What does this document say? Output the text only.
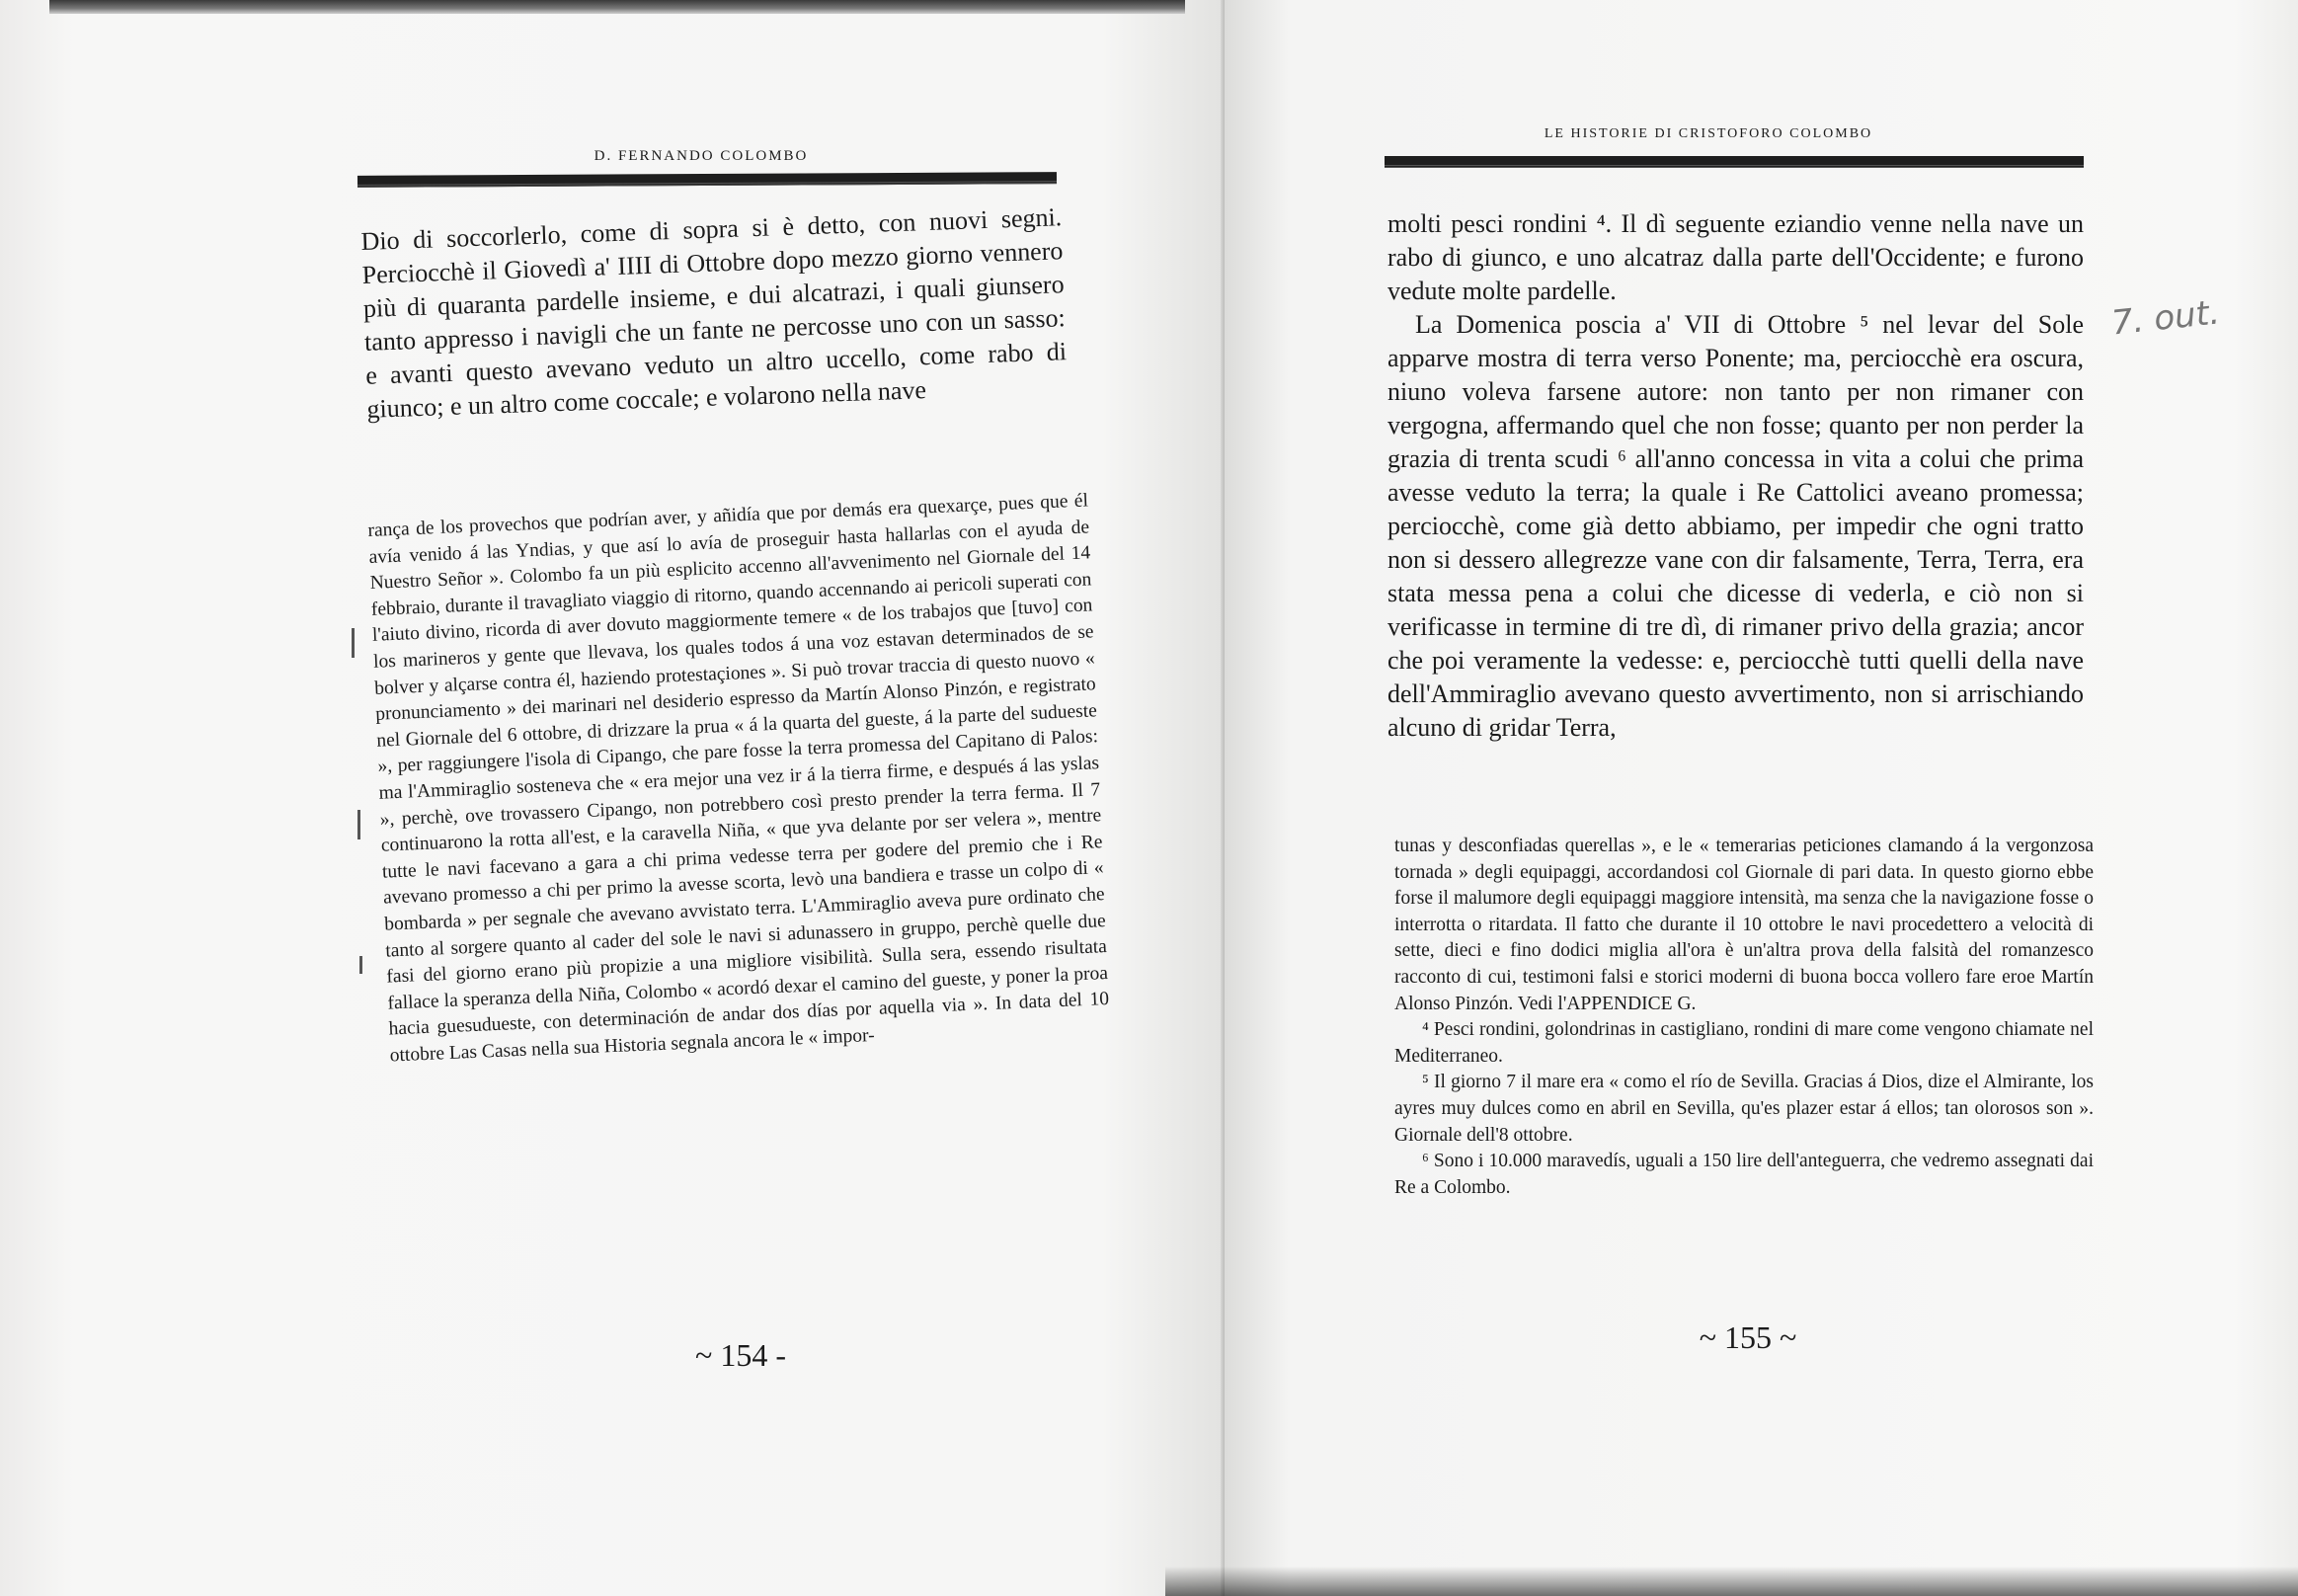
D. FERNANDO COLOMBO

Dio di soccorlerlo, come di sopra si è detto, con nuovi segni. Perciocchè il Giovedì a' IIII di Ottobre dopo mezzo giorno vennero più di quaranta pardelle insieme, e dui alcatrazi, i quali giunsero tanto appresso i navigli che un fante ne percosse uno con un sasso: e avanti questo avevano veduto un altro uccello, come rabo di giunco; e un altro come coccale; e volarono nella nave

rança de los provechos que podrían aver, y añidía que por demás era quexarçe, pues que él avía venido á las Yndias, y que así lo avía de proseguir hasta hallarlas con el ayuda de Nuestro Señor ». Colombo fa un più esplicito accenno all'avvenimento nel Giornale del 14 febbraio, durante il travagliato viaggio di ritorno, quando accennando ai pericoli superati con l'aiuto divino, ricorda di aver dovuto maggiormente temere « de los trabajos que [tuvo] con los marineros y gente que llevava, los quales todos á una voz estavan determinados de se bolver y alçarse contra él, haziendo protestaçiones ». Si può trovar traccia di questo nuovo « pronunciamento » dei marinari nel desiderio espresso da Martín Alonso Pinzón, e registrato nel Giornale del 6 ottobre, di drizzare la prua « á la quarta del gueste, á la parte del sudueste », per raggiungere l'isola di Cipango, che pare fosse la terra promessa del Capitano di Palos: ma l'Ammiraglio sosteneva che « era mejor una vez ir á la tierra firme, e después á las yslas », perchè, ove trovassero Cipango, non potrebbero così presto prender la terra ferma. Il 7 continuarono la rotta all'est, e la caravella Niña, « que yva delante por ser velera », mentre tutte le navi facevano a gara a chi prima vedesse terra per godere del premio che i Re avevano promesso a chi per primo la avesse scorta, levò una bandiera e trasse un colpo di « bombarda » per segnale che avevano avvistato terra. L'Ammiraglio aveva pure ordinato che tanto al sorgere quanto al cader del sole le navi si adunassero in gruppo, perchè quelle due fasi del giorno erano più propizie a una migliore visibilità. Sulla sera, essendo risultata fallace la speranza della Niña, Colombo « acordó dexar el camino del gueste, y poner la proa hacia guesudueste, con determinación de andar dos días por aquella via ». In data del 10 ottobre Las Casas nella sua Historia segnala ancora le « impor-

~ 154 -
LE HISTORIE DI CRISTOFORO COLOMBO

molti pesci rondini ⁴. Il dì seguente eziandio venne nella nave un rabo di giunco, e uno alcatraz dalla parte dell'Occidente; e furono vedute molte pardelle.

La Domenica poscia a' VII di Ottobre ⁵ nel levar del Sole apparve mostra di terra verso Ponente; ma, perciocchè era oscura, niuno voleva farsene autore: non tanto per non rimaner con vergogna, affermando quel che non fosse; quanto per non perder la grazia di trenta scudi ⁶ all'anno concessa in vita a colui che prima avesse veduto la terra; la quale i Re Cattolici aveano promessa; perciocchè, come già detto abbiamo, per impedir che ogni tratto non si dessero allegrezze vane con dir falsamente, Terra, Terra, era stata messa pena a colui che dicesse di vederla, e ciò non si verificasse in termine di tre dì, di rimaner privo della grazia; ancor che poi veramente la vedesse: e, perciocchè tutti quelli della nave dell'Ammiraglio avevano questo avvertimento, non si arrischiando alcuno di gridar Terra,

7. out.

tunas y desconfiadas querellas », e le « temerarias peticiones clamando á la vergonzosa tornada » degli equipaggi, accordandosi col Giornale di pari data. In questo giorno ebbe forse il malumore degli equipaggi maggiore intensità, ma senza che la navigazione fosse o interrotta o ritardata. Il fatto che durante il 10 ottobre le navi procedettero a velocità di sette, dieci e fino dodici miglia all'ora è un'altra prova della falsità del romanzesco racconto di cui, testimoni falsi e storici moderni di buona bocca vollero fare eroe Martín Alonso Pinzón. Vedi l'APPENDICE G.

⁴ Pesci rondini, golondrinas in castigliano, rondini di mare come vengono chiamate nel Mediterraneo.

⁵ Il giorno 7 il mare era « como el río de Sevilla. Gracias á Dios, dize el Almirante, los ayres muy dulces como en abril en Sevilla, qu'es plazer estar á ellos; tan olorosos son ». Giornale dell'8 ottobre.

⁶ Sono i 10.000 maravedís, uguali a 150 lire dell'anteguerra, che vedremo assegnati dai Re a Colombo.

~ 155 ~
